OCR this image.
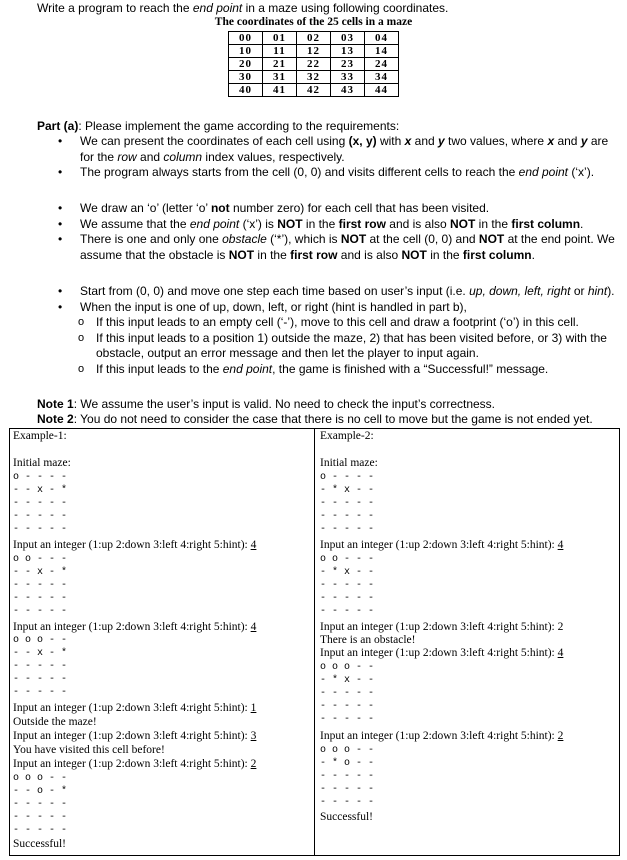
Write a program to reach the end point in a maze using following coordinates.
The coordinates of the 25 cells in a maze
00	01	02	03	04
10	11	12	13	14
20	21	22	23	24
30	31	32	33	34
40	41	42	43	44
Part (a): Please implement the game according to the requirements:
• We can present the coordinates of each cell using (x, y) with x and y two values, where x and y are for the row and column index values, respectively.
• The program always starts from the cell (0, 0) and visits different cells to reach the end point (‘x’).
• We draw an ‘o’ (letter ‘o’ not number zero) for each cell that has been visited.
• We assume that the end point (‘x’) is NOT in the first row and is also NOT in the first column.
• There is one and only one obstacle (‘*’), which is NOT at the cell (0, 0) and NOT at the end point. We assume that the obstacle is NOT in the first row and is also NOT in the first column.
• Start from (0, 0) and move one step each time based on user’s input (i.e. up, down, left, right or hint).
• When the input is one of up, down, left, or right (hint is handled in part b),
o If this input leads to an empty cell (‘-’), move to this cell and draw a footprint (‘o’) in this cell.
o If this input leads to a position 1) outside the maze, 2) that has been visited before, or 3) with the obstacle, output an error message and then let the player to input again.
o If this input leads to the end point, the game is finished with a “Successful!” message.
Note 1: We assume the user’s input is valid. No need to check the input’s correctness.
Note 2: You do not need to consider the case that there is no cell to move but the game is not ended yet.
Example-1:
Initial maze:
o - - - -
- - x - *
- - - - -
- - - - -
- - - - -
Input an integer (1:up 2:down 3:left 4:right 5:hint): 4
o o - - -
- - x - *
- - - - -
- - - - -
- - - - -
Input an integer (1:up 2:down 3:left 4:right 5:hint): 4
o o o - -
- - x - *
- - - - -
- - - - -
- - - - -
Input an integer (1:up 2:down 3:left 4:right 5:hint): 1
Outside the maze!
Input an integer (1:up 2:down 3:left 4:right 5:hint): 3
You have visited this cell before!
Input an integer (1:up 2:down 3:left 4:right 5:hint): 2
o o o - -
- - o - *
- - - - -
- - - - -
- - - - -
Successful!
Example-2:
Initial maze:
o - - - -
- * x - -
- - - - -
- - - - -
- - - - -
Input an integer (1:up 2:down 3:left 4:right 5:hint): 4
o o - - -
- * x - -
- - - - -
- - - - -
- - - - -
Input an integer (1:up 2:down 3:left 4:right 5:hint): 2
There is an obstacle!
Input an integer (1:up 2:down 3:left 4:right 5:hint): 4
o o o - -
- * x - -
- - - - -
- - - - -
- - - - -
Input an integer (1:up 2:down 3:left 4:right 5:hint): 2
o o o - -
- * o - -
- - - - -
- - - - -
- - - - -
Successful!
